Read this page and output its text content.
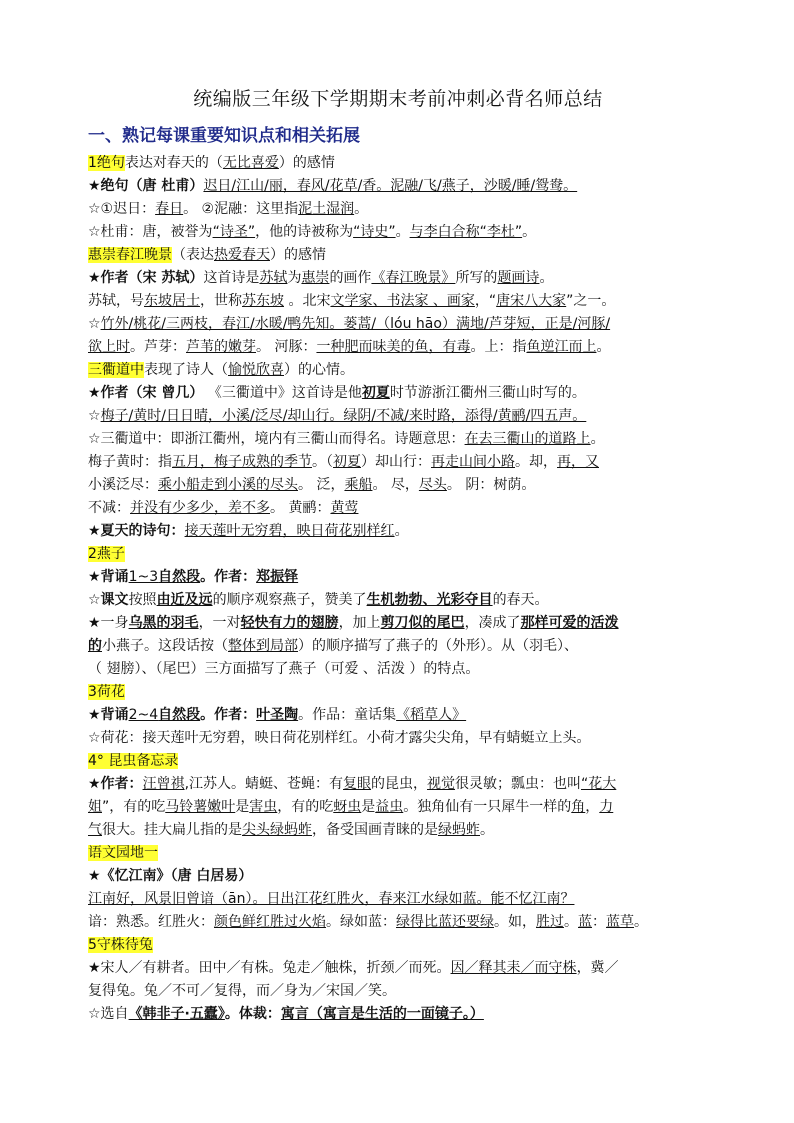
统编版三年级下学期期末考前冲刺必背名师总结
一、熟记每课重要知识点和相关拓展
1绝句表达对春天的（无比喜爱）的感情
★绝句（唐 杜甫）迟日/江山/丽，春风/花草/香。泥融/飞/燕子，沙暖/睡/鸳鸯。
☆①迟日：春日。 ②泥融：这里指泥土湿润。
☆杜甫：唐，被誉为“诗圣”，他的诗被称为“诗史”。与李白合称“李杜”。
惠崇春江晚景（表达热爱春天）的感情
★作者（宋 苏轼）这首诗是苏轼为惠崇的画作《春江晚景》所写的题画诗。
苏轼，号东坡居士，世称苏东坡 。北宋文学家、书法家 、画家，“唐宋八大家”之一。
☆竹外/桃花/三两枝，春江/水暖/鸭先知。蒌蒿/（lóu hāo）满地/芦芽短，正是/河豚/
欲上时。芦芽：芦苇的嫩芽。 河豚：一种肥而味美的鱼，有毒。上：指鱼逆江而上。
三衢道中表现了诗人（愉悦欣喜）的心情。
★作者（宋 曾几） 《三衢道中》这首诗是他初夏时节游浙江衢州三衢山时写的。
☆梅子/黄时/日日晴，小溪/泛尽/却山行。绿阴/不减/来时路，添得/黄鹂/四五声。
☆三衢道中：即浙江衢州，境内有三衢山而得名。诗题意思：在去三衢山的道路上。
梅子黄时：指五月，梅子成熟的季节。（初夏）却山行：再走山间小路。却，再，又
小溪泛尽：乘小船走到小溪的尽头。 泛，乘船。 尽，尽头。 阴：树荫。
不减：并没有少多少，差不多。 黄鹂：黄莺
★夏天的诗句：接天莲叶无穷碧，映日荷花别样红。
2燕子
★背诵1~3自然段。作者：郑振铎
☆课文按照由近及远的顺序观察燕子，赞美了生机勃勃、光彩夺目的春天。
★一身乌黑的羽毛，一对轻快有力的翅膀，加上剪刀似的尾巴，凑成了那样可爱的活泼
的小燕子。这段话按（整体到局部）的顺序描写了燕子的（外形）。从（羽毛）、
（ 翅膀）、（尾巴）三方面描写了燕子（可爱 、活泼 ）的特点。
3荷花
★背诵2~4自然段。作者：叶圣陶。作品：童话集《稻草人》
☆荷花：接天莲叶无穷碧，映日荷花别样红。小荷才露尖尖角，早有蜻蜓立上头。
4° 昆虫备忘录
★作者：汪曾祺,江苏人。蜻蜓、苍蝇：有复眼的昆虫，视觉很灵敏；瓢虫：也叫“花大
姐”，有的吃马铃薯嫩叶是害虫，有的吃蚜虫是益虫。独角仙有一只犀牛一样的角，力
气很大。挂大扁儿指的是尖头绿蚂蚱，备受国画青睐的是绿蚂蚱。
语文园地一
★《忆江南》（唐 白居易）
江南好，风景旧曾谙（ān）。日出江花红胜火，春来江水绿如蓝。能不忆江南？
谙：熟悉。红胜火：颜色鲜红胜过火焰。绿如蓝：绿得比蓝还要绿。如，胜过。蓝：蓝草。
5守株待兔
★宋人／有耕者。田中／有株。兔走／触株，折颈／而死。因／释其耒／而守株，冀／
复得兔。兔／不可／复得，而／身为／宋国／笑。
☆选自《韩非子·五蠹》。体裁：寓言（寓言是生活的一面镜子。）
